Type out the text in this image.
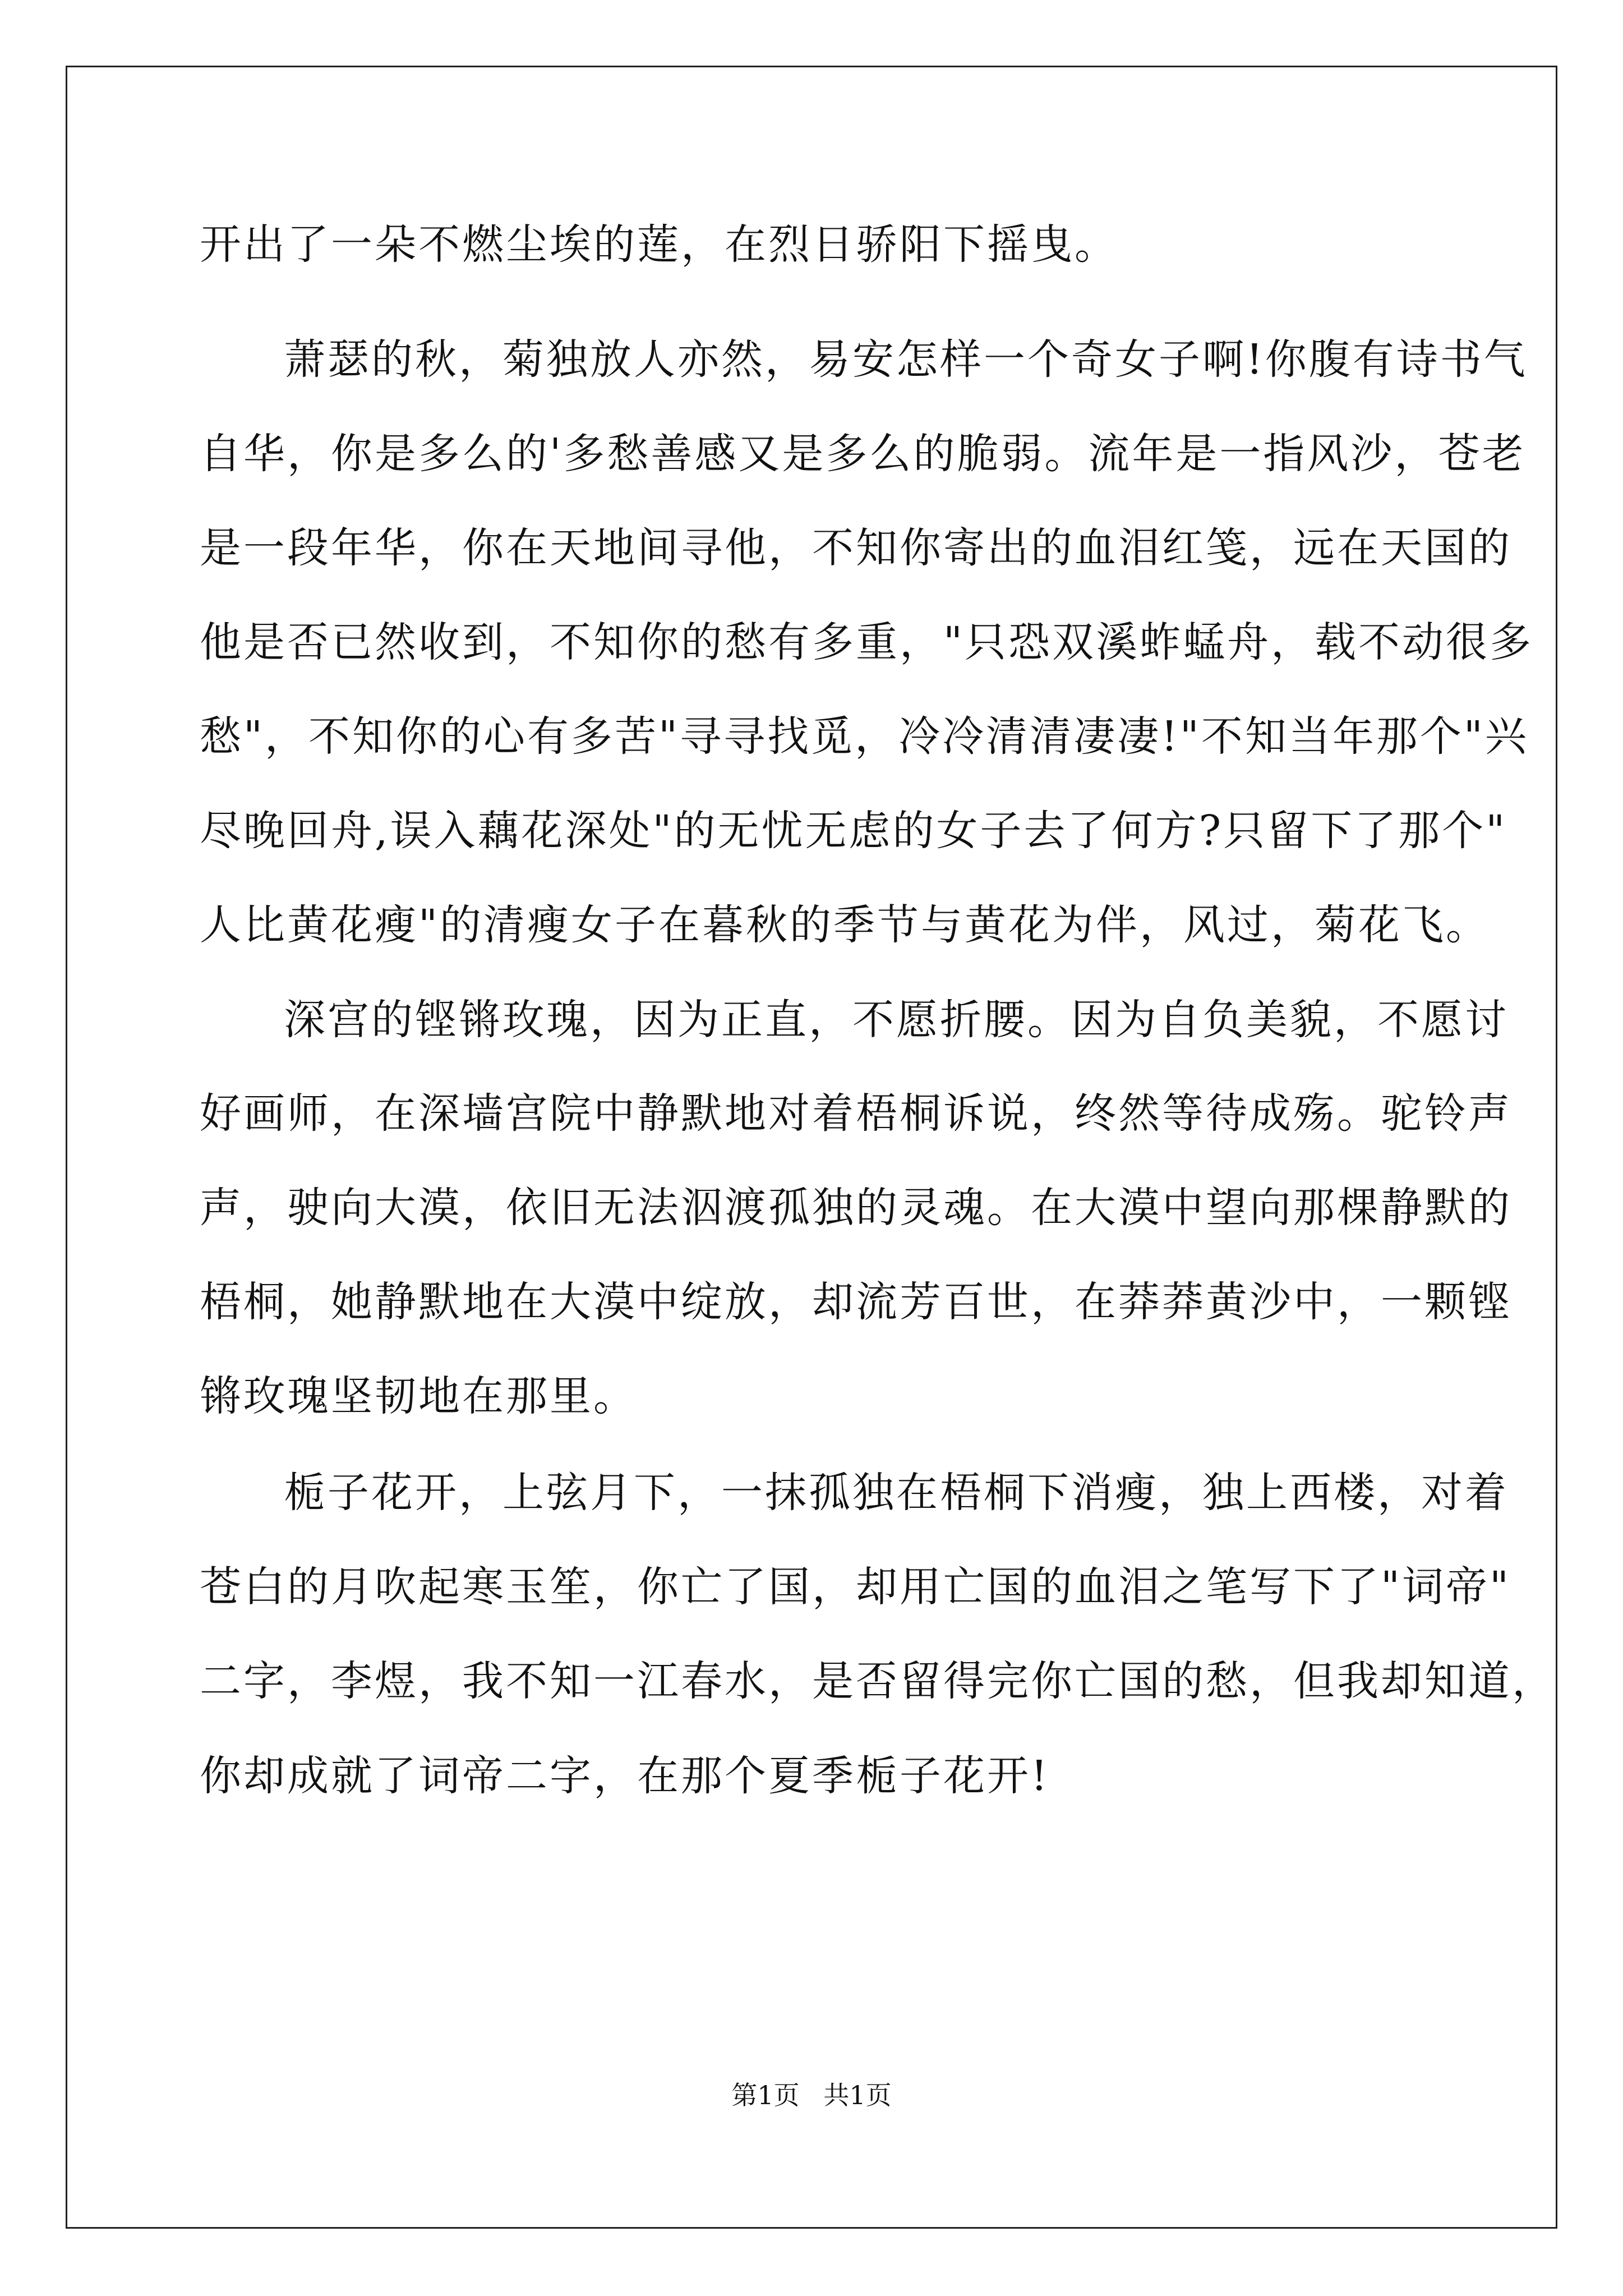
开出了一朵不燃尘埃的莲，在烈日骄阳下摇曳。
萧瑟的秋，菊独放人亦然，易安怎样一个奇女子啊!你腹有诗书气
自华，你是多么的'多愁善感又是多么的脆弱。流年是一指风沙，苍老
是一段年华，你在天地间寻他，不知你寄出的血泪红笺，远在天国的
他是否已然收到，不知你的愁有多重，"只恐双溪蚱蜢舟，载不动很多
愁"，不知你的心有多苦"寻寻找觅，冷冷清清凄凄!"不知当年那个"兴
尽晚回舟,误入藕花深处"的无忧无虑的女子去了何方?只留下了那个"
人比黄花瘦"的清瘦女子在暮秋的季节与黄花为伴，风过，菊花飞。
深宫的铿锵玫瑰，因为正直，不愿折腰。因为自负美貌，不愿讨
好画师，在深墙宫院中静默地对着梧桐诉说，终然等待成殇。驼铃声
声，驶向大漠，依旧无法泅渡孤独的灵魂。在大漠中望向那棵静默的
梧桐，她静默地在大漠中绽放，却流芳百世，在莽莽黄沙中，一颗铿
锵玫瑰坚韧地在那里。
栀子花开，上弦月下，一抹孤独在梧桐下消瘦，独上西楼，对着
苍白的月吹起寒玉笙，你亡了国，却用亡国的血泪之笔写下了"词帝"
二字，李煜，我不知一江春水，是否留得完你亡国的愁，但我却知道，
你却成就了词帝二字，在那个夏季栀子花开!
第1页 共1页
